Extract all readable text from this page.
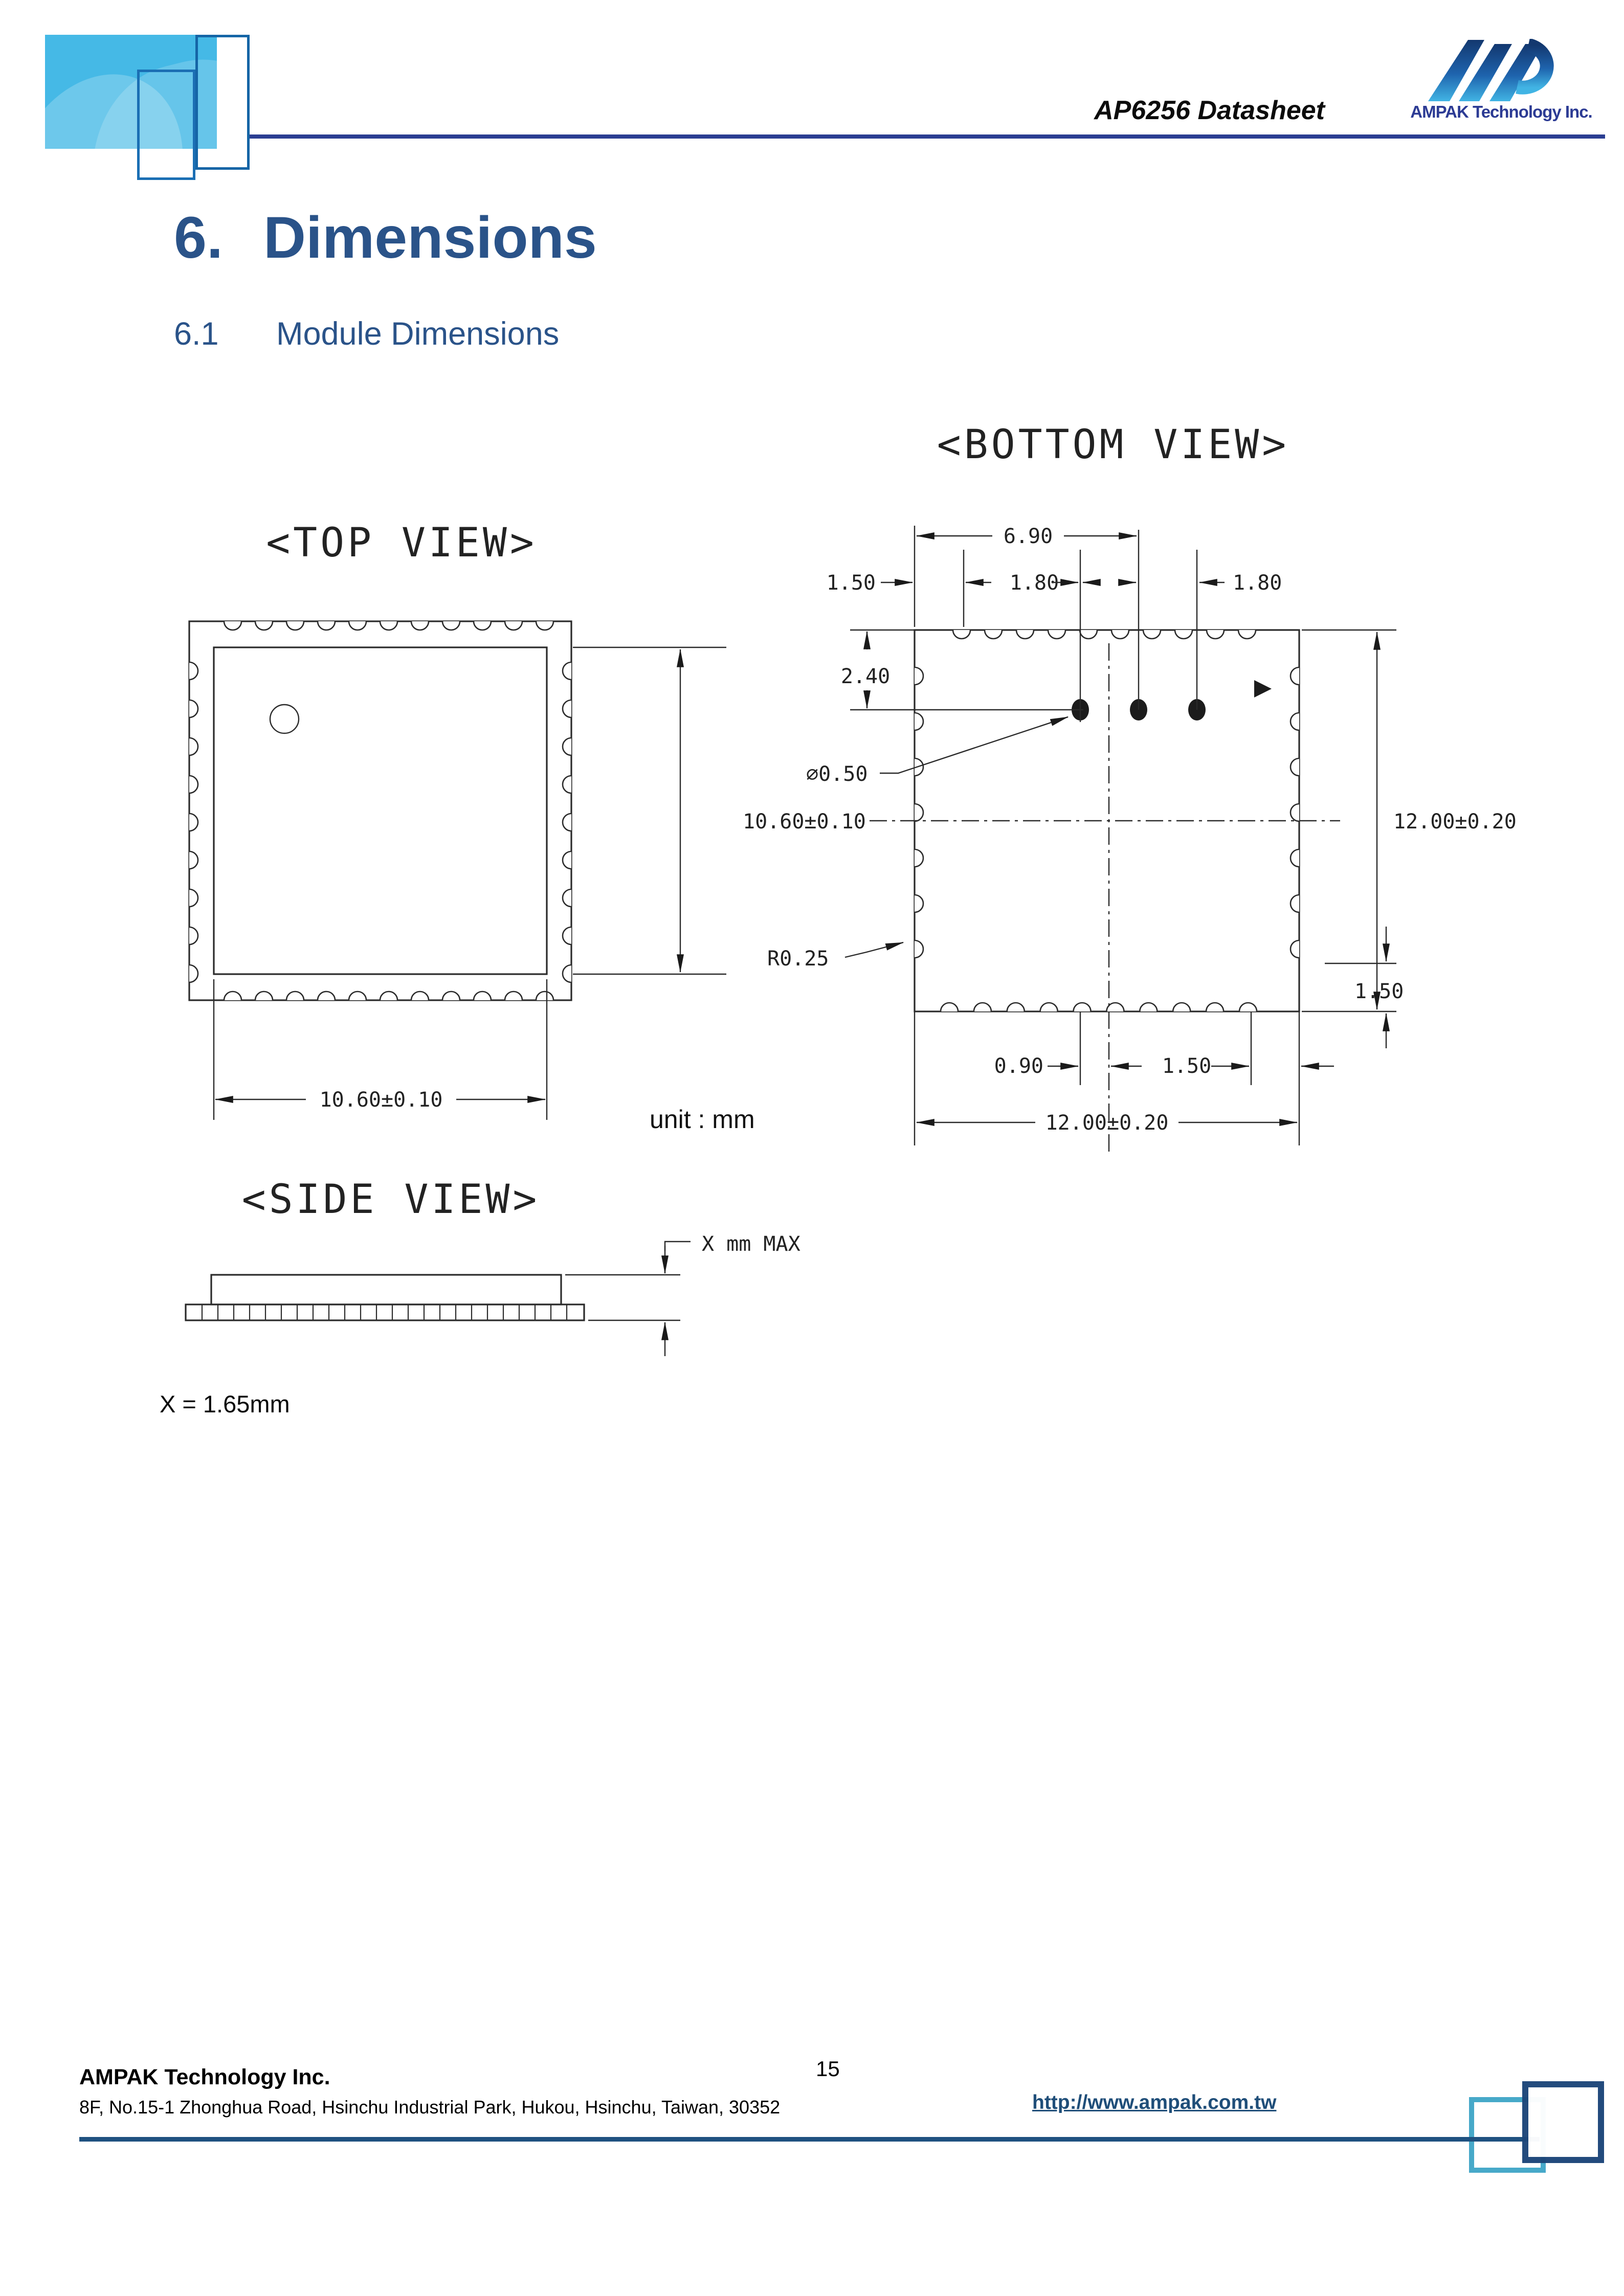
AP6256 Datasheet	AMPAK Technology Inc.
6. Dimensions
6.1 Module Dimensions
<TOP VIEW>
10.60±0.10
10.60±0.10
<BOTTOM VIEW>
6.90
1.50	1.80	1.80
2.40
⌀0.50
R0.25
12.00±0.20
1.50
0.90	1.50
12.00±0.20
<SIDE VIEW>
X mm MAX
unit : mm
X = 1.65mm
AMPAK Technology Inc.
8F, No.15-1 Zhonghua Road, Hsinchu Industrial Park, Hukou, Hsinchu, Taiwan, 30352
15
http://www.ampak.com.tw
